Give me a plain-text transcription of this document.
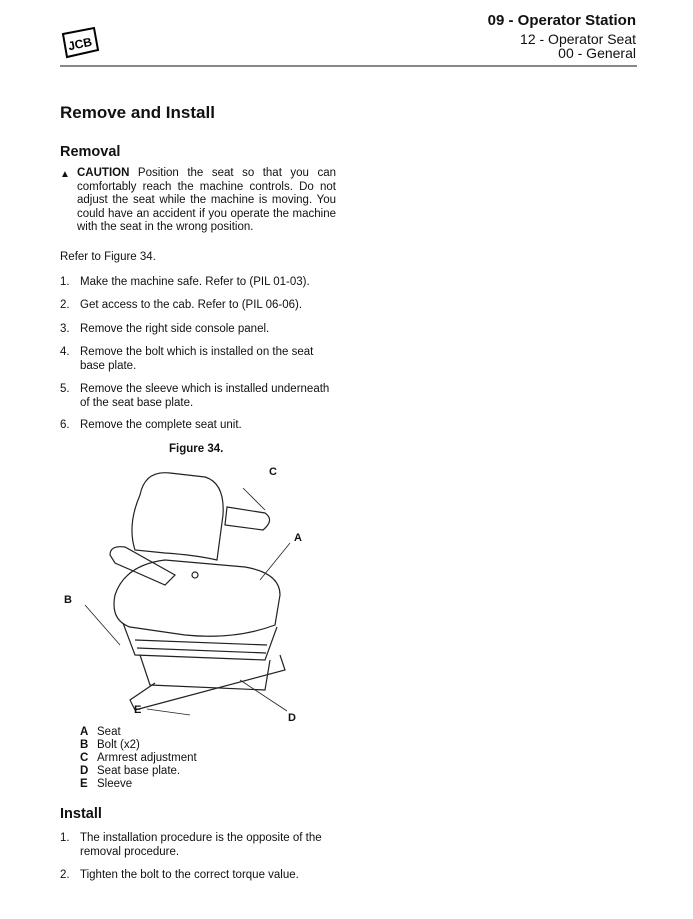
JCB
09 - Operator Station
12 - Operator Seat
00 - General
Remove and Install
Removal
▲ CAUTION Position the seat so that you can comfortably reach the machine controls. Do not adjust the seat while the machine is moving. You could have an accident if you operate the machine with the seat in the wrong position.
Refer to Figure 34.
1. Make the machine safe. Refer to (PIL 01-03).
2. Get access to the cab. Refer to (PIL 06-06).
3. Remove the right side console panel.
4. Remove the bolt which is installed on the seat base plate.
5. Remove the sleeve which is installed underneath of the seat base plate.
6. Remove the complete seat unit.
Figure 34.
C
A
B
E
D
A Seat
B Bolt (x2)
C Armrest adjustment
D Seat base plate.
E Sleeve
Install
1. The installation procedure is the opposite of the removal procedure.
2. Tighten the bolt to the correct torque value.
